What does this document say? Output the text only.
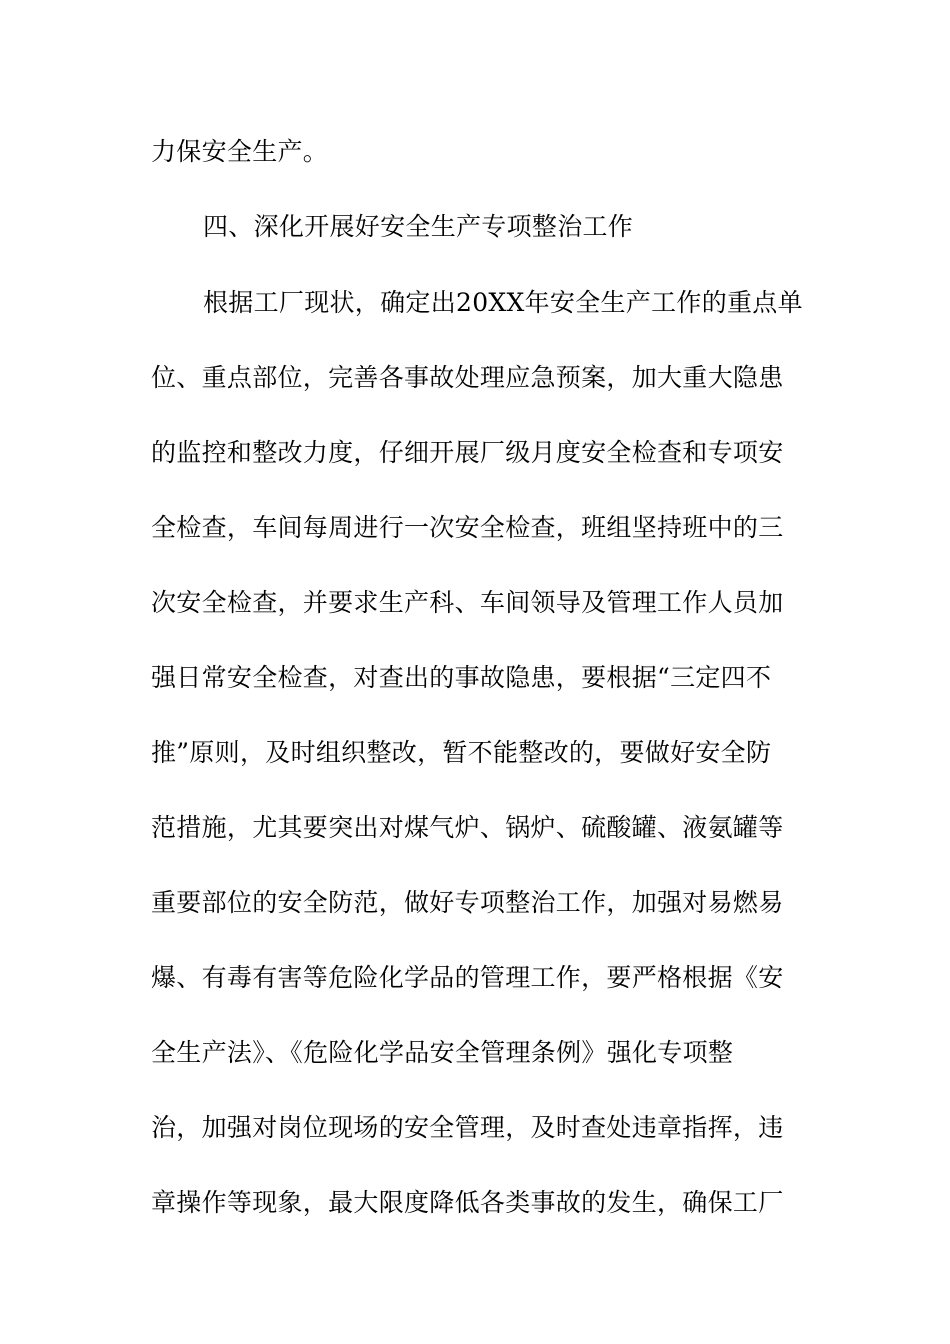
力保安全生产。
四、深化开展好安全生产专项整治工作
根据工厂现状，确定出20XX年安全生产工作的重点单
位、重点部位，完善各事故处理应急预案，加大重大隐患
的监控和整改力度，仔细开展厂级月度安全检查和专项安
全检查，车间每周进行一次安全检查，班组坚持班中的三
次安全检查，并要求生产科、车间领导及管理工作人员加
强日常安全检查，对查出的事故隐患，要根据“三定四不
推”原则，及时组织整改，暂不能整改的，要做好安全防
范措施，尤其要突出对煤气炉、锅炉、硫酸罐、液氨罐等
重要部位的安全防范，做好专项整治工作，加强对易燃易
爆、有毒有害等危险化学品的管理工作，要严格根据《安
全生产法》、《危险化学品安全管理条例》强化专项整
治，加强对岗位现场的安全管理，及时查处违章指挥，违
章操作等现象，最大限度降低各类事故的发生，确保工厂
